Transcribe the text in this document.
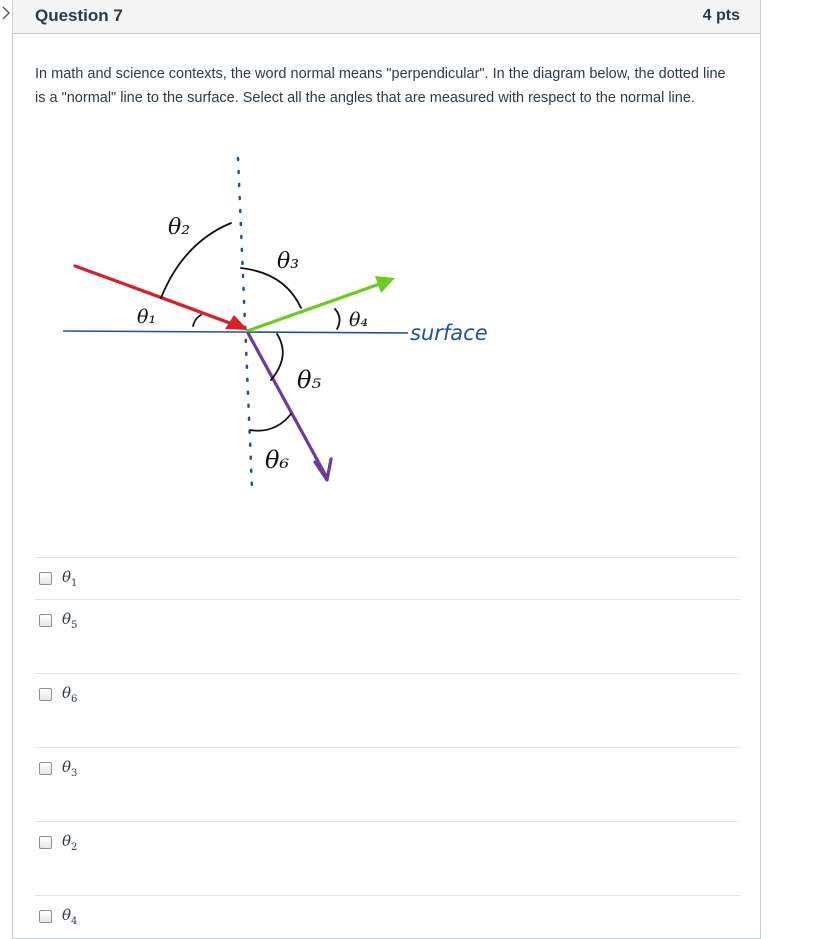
Question 7	4 pts
In math and science contexts, the word normal means "perpendicular". In the diagram below, the dotted line is a "normal" line to the surface. Select all the angles that are measured with respect to the normal line.
surface
θ₂
θ₁
θ₃
θ₄
θ₅
θ₆
$\theta_1$
$\theta_5$
$\theta_6$
$\theta_3$
$\theta_2$
$\theta_4$
